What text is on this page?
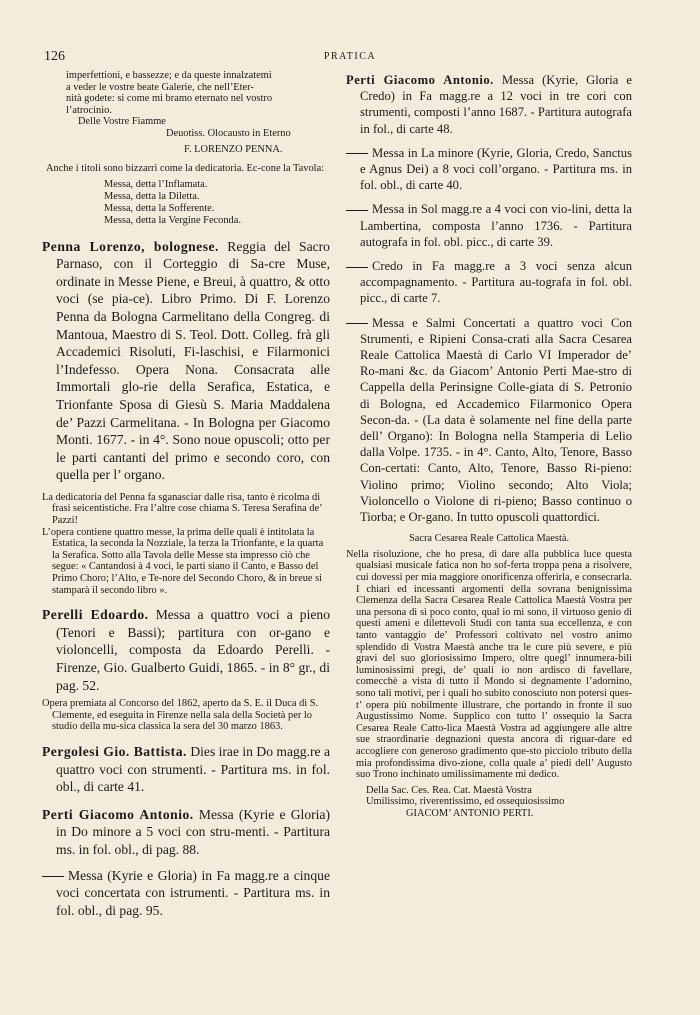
126	PRATICA
imperfettioni, e bassezze; e da queste innalzatemi
a veder le vostre beate Galerie, che nell’Eter-
nità godete: si come mi bramo eternato nel vostro
l’atrocinio.
Delle Vostre Fiamme
Deuotiss. Olocausto in Eterno
F. LORENZO PENNA.
Anche i titoli sono bizzarri come la dedicatoria. Ec-cone la Tavola:
Messa, detta l’Inflamata.
Messa, detta la Diletta.
Messa, detta la Sofferente.
Messa, detta la Vergine Feconda.
Penna Lorenzo, bolognese. Reggia del Sacro Parnaso, con il Corteggio di Sa-cre Muse, ordinate in Messe Piene, e Breui, à quattro, & otto voci (se pia-ce). Libro Primo. Di F. Lorenzo Penna da Bologna Carmelitano della Congreg. di Mantoua, Maestro di S. Teol. Dott. Colleg. frà gli Accademici Risoluti, Fi-laschisi, e Filarmonici l’Indefesso. Opera Nona. Consacrata alle Immortali glo-rie della Serafica, Estatica, e Trionfante Sposa di Giesù S. Maria Maddalena de’ Pazzi Carmelitana. - In Bologna per Giacomo Monti. 1677. - in 4°. Sono noue opuscoli; otto per le parti cantanti del primo e secondo coro, con quella per l’ organo.
La dedicatoria del Penna fa sganasciar dalle risa, tanto è ricolma di frasi seicentistiche. Fra l’altre cose chiama S. Teresa Serafina de’ Pazzi!
L’opera contiene quattro messe, la prima delle quali è intitolata la Estatica, la seconda la Nozziale, la terza la Trionfante, e la quarta la Serafica. Sotto alla Tavola delle Messe sta impresso ciò che segue: « Cantandosi à 4 voci, le parti siano il Canto, e Basso del Primo Choro; l’Alto, e Te-nore del Secondo Choro, & in breue si stamparà il secondo libro ».
Perelli Edoardo. Messa a quattro voci a pieno (Tenori e Bassi); partitura con or-gano e violoncelli, composta da Edoardo Perelli. - Firenze, Gio. Gualberto Guidi, 1865. - in 8° gr., di pag. 52.
Opera premiata al Concorso del 1862, aperto da S. E. il Duca di S. Clemente, ed eseguita in Firenze nella sala della Società per lo studio della mu-sica classica la sera del 30 marzo 1863.
Pergolesi Gio. Battista. Dies irae in Do magg.re a quattro voci con strumenti. - Partitura ms. in fol. obl., di carte 41.
Perti Giacomo Antonio. Messa (Kyrie e Gloria) in Do minore a 5 voci con stru-menti. - Partitura ms. in fol. obl., di pag. 88.
Messa (Kyrie e Gloria) in Fa magg.re a cinque voci concertata con istrumenti. - Partitura ms. in fol. obl., di pag. 95.
Perti Giacomo Antonio. Messa (Kyrie, Gloria e Credo) in Fa magg.re a 12 voci in tre cori con strumenti, composti l’anno 1687. - Partitura autografa in fol., di carte 48.
Messa in La minore (Kyrie, Gloria, Credo, Sanctus e Agnus Dei) a 8 voci coll’organo. - Partitura ms. in fol. obl., di carte 40.
Messa in Sol magg.re a 4 voci con vio-lini, detta la Lambertina, composta l’anno 1736. - Partitura autografa in fol. obl. picc., di carte 39.
Credo in Fa magg.re a 3 voci senza alcun accompagnamento. - Partitura au-tografa in fol. obl. picc., di carte 7.
Messa e Salmi Concertati a quattro voci Con Strumenti, e Ripieni Consa-crati alla Sacra Cesarea Reale Cattolica Maestà di Carlo VI Imperador de’ Ro-mani &c. da Giacom’ Antonio Perti Mae-stro di Cappella della Perinsigne Colle-giata di S. Petronio di Bologna, ed Accademico Filarmonico Opera Secon-da. - (La data è solamente nel fine della parte dell’ Organo): In Bologna nella Stamperia di Lelio dalla Volpe. 1735. - in 4°. Canto, Alto, Tenore, Basso Con-certati: Canto, Alto, Tenore, Basso Ri-pieno: Violino primo; Violino secondo; Alto Viola; Violoncello o Violone di ri-pieno; Basso continuo o Tiorba; e Or-gano. In tutto opuscoli quattordici.
Sacra Cesarea Reale Cattolica Maestà.
Nella risoluzione, che ho presa, di dare alla pubblica luce questa qualsiasi musicale fatica non ho sof-ferta troppa pena a risolvere, cui dovessi per mia maggiore onorificenza offerirla, e consecrarla. I chiari ed incessanti argomenti della sovrana benignissima Clemenza della Sacra Cesarea Reale Cattolica Maestà Vostra per una persona di sì poco conto, qual io mi sono, il virtuoso genio di questi ameni e dilettevoli Studi con tanta sua eccellenza, e con tanto vantaggio de’ Professori coltivato nel vostro animo splendido di Vostra Maestà anche tra le cure più severe, e più gravi del suo gloriosissimo Impero, oltre quegl’ innumera-bili luminosissimi pregi, de’ quali io non ardisco di favellare, comecchè a vista di tutto il Mondo si degnamente l’adornino, sono tali motivi, per i quali ho subito conosciuto non potersi ques-t’ opera più nobilmente illustrare, che portando in fronte il suo Augustissimo Nome. Supplico con tutto l’ ossequio la Sacra Cesarea Reale Catto-lica Maestà Vostra ad aggiungere alle altre sue straordinarie degnazioni questa ancora di riguar-dare ed accogliere con generoso gradimento que-sto picciolo tributo della mia profondissima divo-zione, colla quale a’ piedi dell’ Augusto suo Trono inchinato umilissimamente mi dedico.
Della Sac. Ces. Rea. Cat. Maestà Vostra
Umilissimo, riverentissimo, ed ossequiosissimo
GIACOM’ ANTONIO PERTI.
